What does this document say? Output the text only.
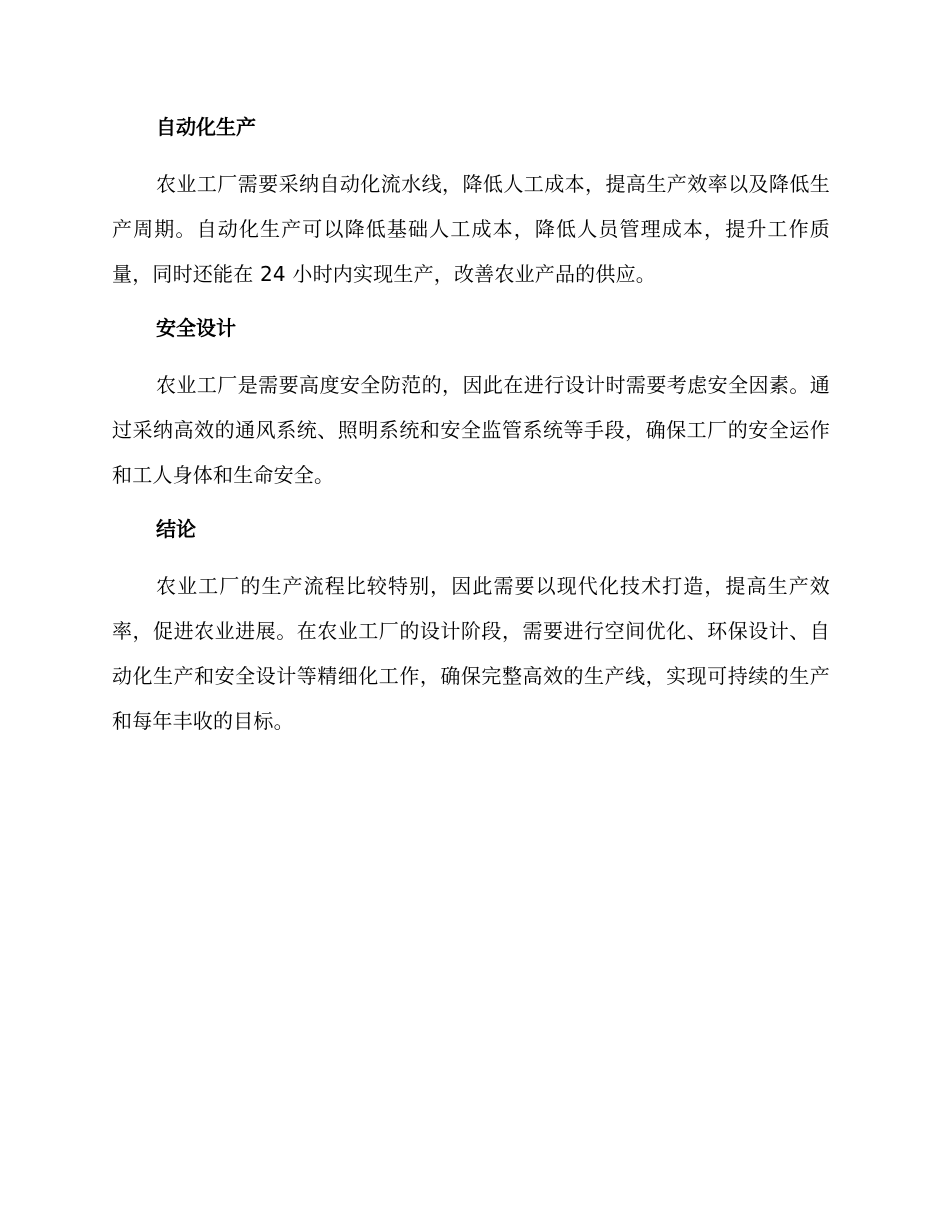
自动化生产

农业工厂需要采纳自动化流水线，降低人工成本，提高生产效率以及降低生产周期。自动化生产可以降低基础人工成本，降低人员管理成本，提升工作质量，同时还能在 24 小时内实现生产，改善农业产品的供应。

安全设计

农业工厂是需要高度安全防范的，因此在进行设计时需要考虑安全因素。通过采纳高效的通风系统、照明系统和安全监管系统等手段，确保工厂的安全运作和工人身体和生命安全。

结论

农业工厂的生产流程比较特别，因此需要以现代化技术打造，提高生产效率，促进农业进展。在农业工厂的设计阶段，需要进行空间优化、环保设计、自动化生产和安全设计等精细化工作，确保完整高效的生产线，实现可持续的生产和每年丰收的目标。
